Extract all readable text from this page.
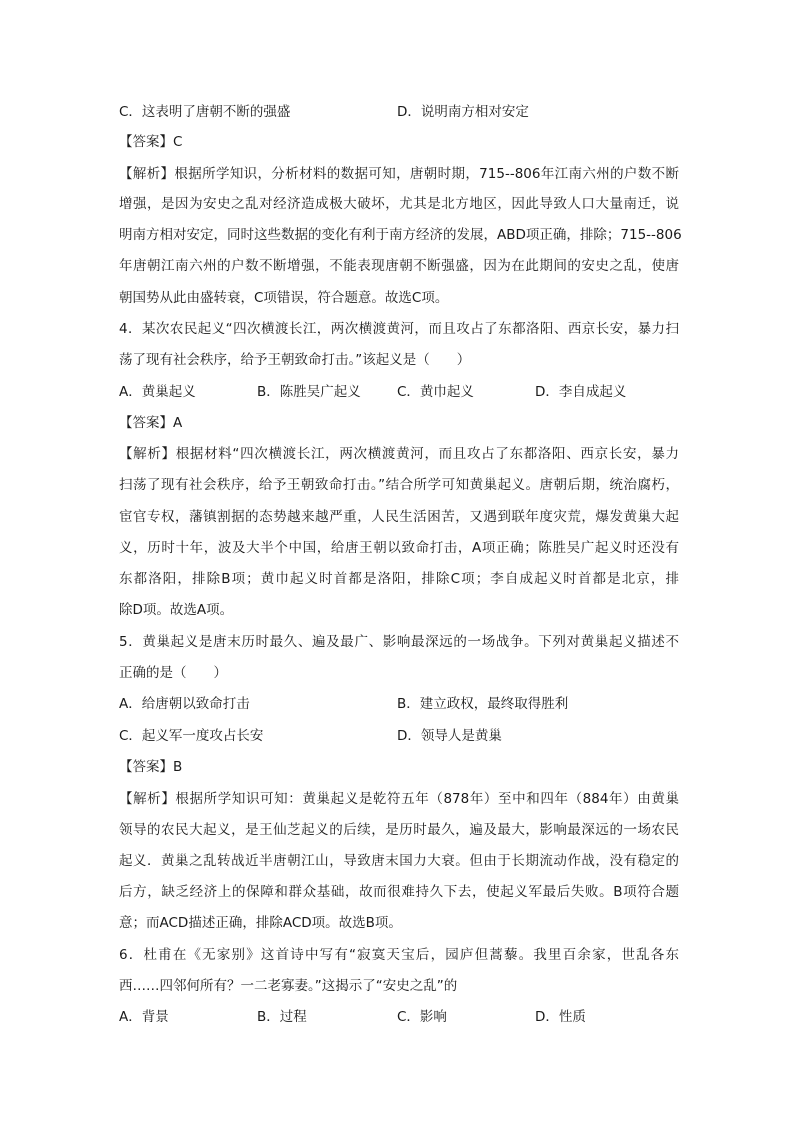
C．这表明了唐朝不断的强盛	D．说明南方相对安定
【答案】C
【解析】根据所学知识，分析材料的数据可知，唐朝时期，715--806年江南六州的户数不断
增强，是因为安史之乱对经济造成极大破坏，尤其是北方地区，因此导致人口大量南迁，说
明南方相对安定，同时这些数据的变化有利于南方经济的发展，ABD项正确，排除；715--806
年唐朝江南六州的户数不断增强，不能表现唐朝不断强盛，因为在此期间的安史之乱，使唐
朝国势从此由盛转衰，C项错误，符合题意。故选C项。
4．某次农民起义“四次横渡长江，两次横渡黄河，而且攻占了东都洛阳、西京长安，暴力扫
荡了现有社会秩序，给予王朝致命打击。”该起义是（　　）
A．黄巢起义	B．陈胜吴广起义	C．黄巾起义	D．李自成起义
【答案】A
【解析】根据材料“四次横渡长江，两次横渡黄河，而且攻占了东都洛阳、西京长安，暴力
扫荡了现有社会秩序，给予王朝致命打击。”结合所学可知黄巢起义。唐朝后期，统治腐朽，
宦官专权，藩镇割据的态势越来越严重，人民生活困苦，又遇到联年度灾荒，爆发黄巢大起
义，历时十年，波及大半个中国，给唐王朝以致命打击，A项正确；陈胜吴广起义时还没有
东都洛阳，排除B项；黄巾起义时首都是洛阳，排除C项；李自成起义时首都是北京，排
除D项。故选A项。
5．黄巢起义是唐末历时最久、遍及最广、影响最深远的一场战争。下列对黄巢起义描述不
正确的是（　　）
A．给唐朝以致命打击	B．建立政权，最终取得胜利
C．起义军一度攻占长安	D．领导人是黄巢
【答案】B
【解析】根据所学知识可知：黄巢起义是乾符五年（878年）至中和四年（884年）由黄巢
领导的农民大起义，是王仙芝起义的后续，是历时最久，遍及最大，影响最深远的一场农民
起义．黄巢之乱转战近半唐朝江山，导致唐末国力大衰。但由于长期流动作战，没有稳定的
后方，缺乏经济上的保障和群众基础，故而很难持久下去，使起义军最后失败。B项符合题
意；而ACD描述正确，排除ACD项。故选B项。
6．杜甫在《无家别》这首诗中写有“寂寞天宝后，园庐但蒿藜。我里百余家，世乱各东
西……四邻何所有？一二老寡妻。”这揭示了“安史之乱”的
A．背景	B．过程	C．影响	D．性质
